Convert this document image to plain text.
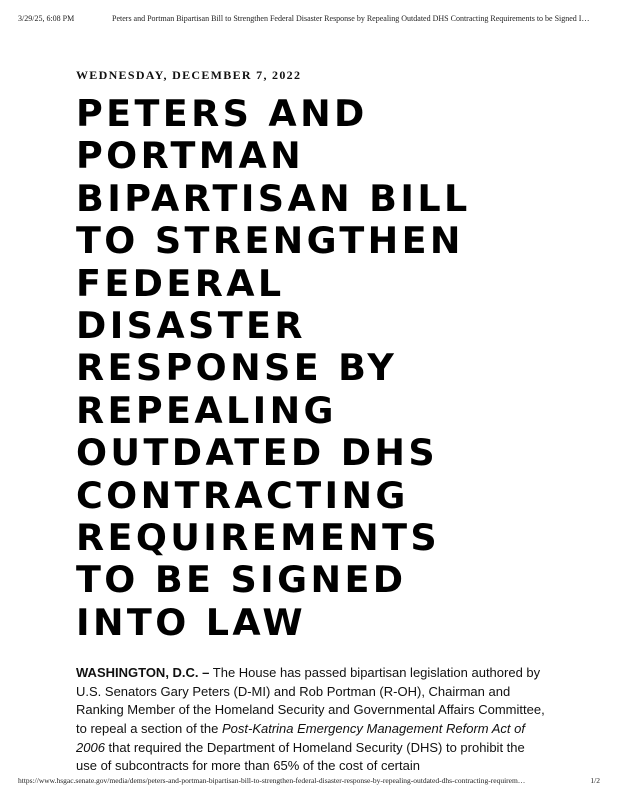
3/29/25, 6:08 PM	Peters and Portman Bipartisan Bill to Strengthen Federal Disaster Response by Repealing Outdated DHS Contracting Requirements to be Signed I…
WEDNESDAY, DECEMBER 7, 2022
PETERS AND
PORTMAN
BIPARTISAN BILL
TO STRENGTHEN
FEDERAL
DISASTER
RESPONSE BY
REPEALING
OUTDATED DHS
CONTRACTING
REQUIREMENTS
TO BE SIGNED
INTO LAW

WASHINGTON, D.C. – The House has passed bipartisan legislation authored by U.S. Senators Gary Peters (D-MI) and Rob Portman (R-OH), Chairman and Ranking Member of the Homeland Security and Governmental Affairs Committee, to repeal a section of the Post-Katrina Emergency Management Reform Act of 2006 that required the Department of Homeland Security (DHS) to prohibit the use of subcontracts for more than 65% of the cost of certain

https://www.hsgac.senate.gov/media/dems/peters-and-portman-bipartisan-bill-to-strengthen-federal-disaster-response-by-repealing-outdated-dhs-contracting-requirem…	1/2
